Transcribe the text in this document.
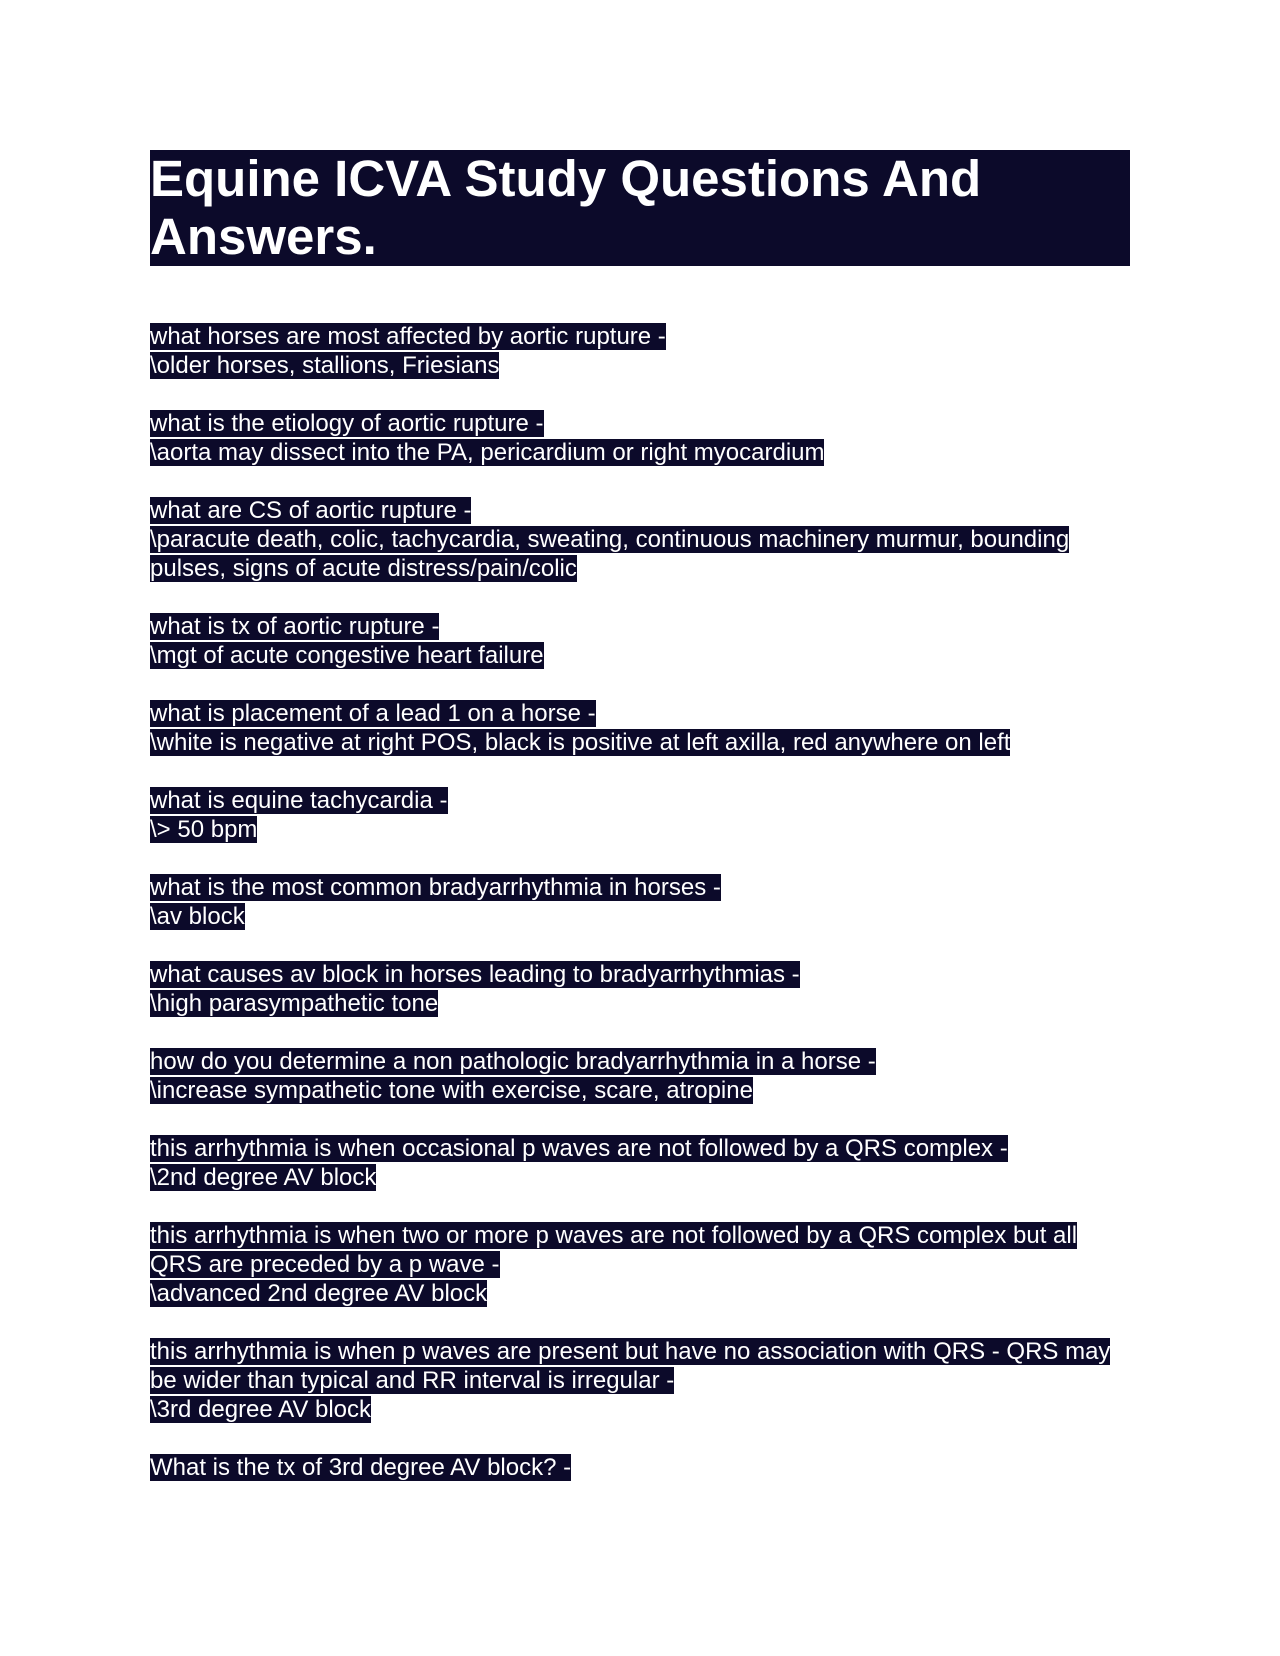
Equine ICVA Study Questions And Answers.
what horses are most affected by aortic rupture -
\older horses, stallions, Friesians
what is the etiology of aortic rupture -
\aorta may dissect into the PA, pericardium or right myocardium
what are CS of aortic rupture -
\paracute death, colic, tachycardia, sweating, continuous machinery murmur, bounding pulses, signs of acute distress/pain/colic
what is tx of aortic rupture -
\mgt of acute congestive heart failure
what is placement of a lead 1 on a horse -
\white is negative at right POS, black is positive at left axilla, red anywhere on left
what is equine tachycardia -
\> 50 bpm
what is the most common bradyarrhythmia in horses -
\av block
what causes av block in horses leading to bradyarrhythmias -
\high parasympathetic tone
how do you determine a non pathologic bradyarrhythmia in a horse -
\increase sympathetic tone with exercise, scare, atropine
this arrhythmia is when occasional p waves are not followed by a QRS complex -
\2nd degree AV block
this arrhythmia is when two or more p waves are not followed by a QRS complex but all QRS are preceded by a p wave -
\advanced 2nd degree AV block
this arrhythmia is when p waves are present but have no association with QRS - QRS may be wider than typical and RR interval is irregular -
\3rd degree AV block
What is the tx of 3rd degree AV block? -
